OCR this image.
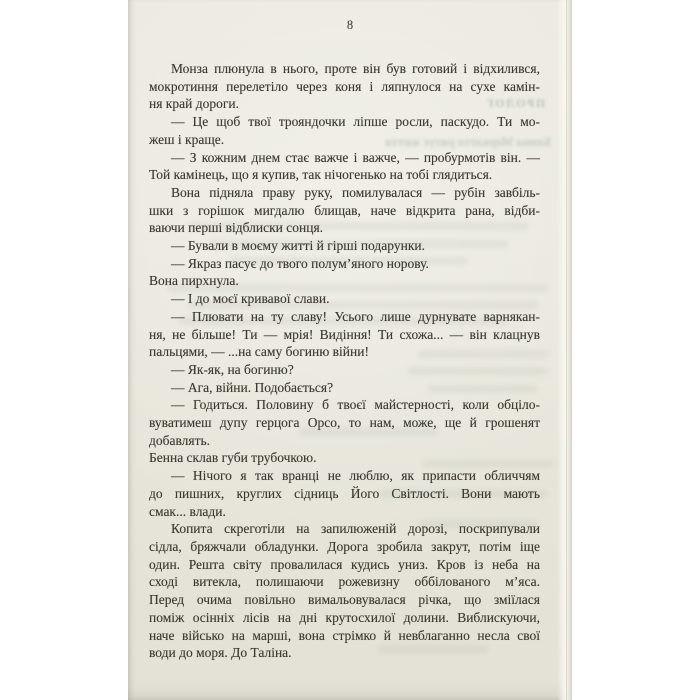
8
ПРОЛОГ
Бенна Меркатто рятує життя
Монза плюнула в нього, проте він був готовий і відхилився,
мокротиння перелетіло через коня і ляпнулося на сухе камін-
ня край дороги.
— Це щоб твої трояндочки ліпше росли, паскудо. Ти мо-
жеш і краще.
— З кожним днем стає важче і важче, — пробурмотів він. —
Той камінець, що я купив, так нічогенько на тобі глядиться.
Вона підняла праву руку, помилувалася — рубін завбіль-
шки з горішок мигдалю блищав, наче відкрита рана, відби-
ваючи перші відблиски сонця.
— Бували в моєму житті й гірші подарунки.
— Якраз пасує до твого полум’яного норову.
Вона пирхнула.
— І до моєї кривавої слави.
— Плювати на ту славу! Усього лише дурнувате варнякан-
ня, не більше! Ти — мрія! Видіння! Ти схожа... — він клацнув
пальцями, — ...на саму богиню війни!
— Як-як, на богиню?
— Ага, війни. Подобається?
— Годиться. Половину б твоєї майстерності, коли обціло-
вуватимеш дупу герцога Орсо, то нам, може, ще й грошенят
добавлять.
Бенна склав губи трубочкою.
— Нічого я так вранці не люблю, як припасти обличчям
до пишних, круглих сідниць Його Світлості. Вони мають
смак... влади.
Копита скреготіли на запилюженій дорозі, поскрипували
сідла, бряжчали обладунки. Дорога зробила закрут, потім іще
один. Решта світу провалилася кудись униз. Кров із неба на
сході витекла, полишаючи рожевизну оббілованого м’яса.
Перед очима повільно вимальовувалася річка, що зміїлася
поміж осінніх лісів на дні крутосхилої долини. Виблискуючи,
наче військо на марші, вона стрімко й невблаганно несла свої
води до моря. До Таліна.
